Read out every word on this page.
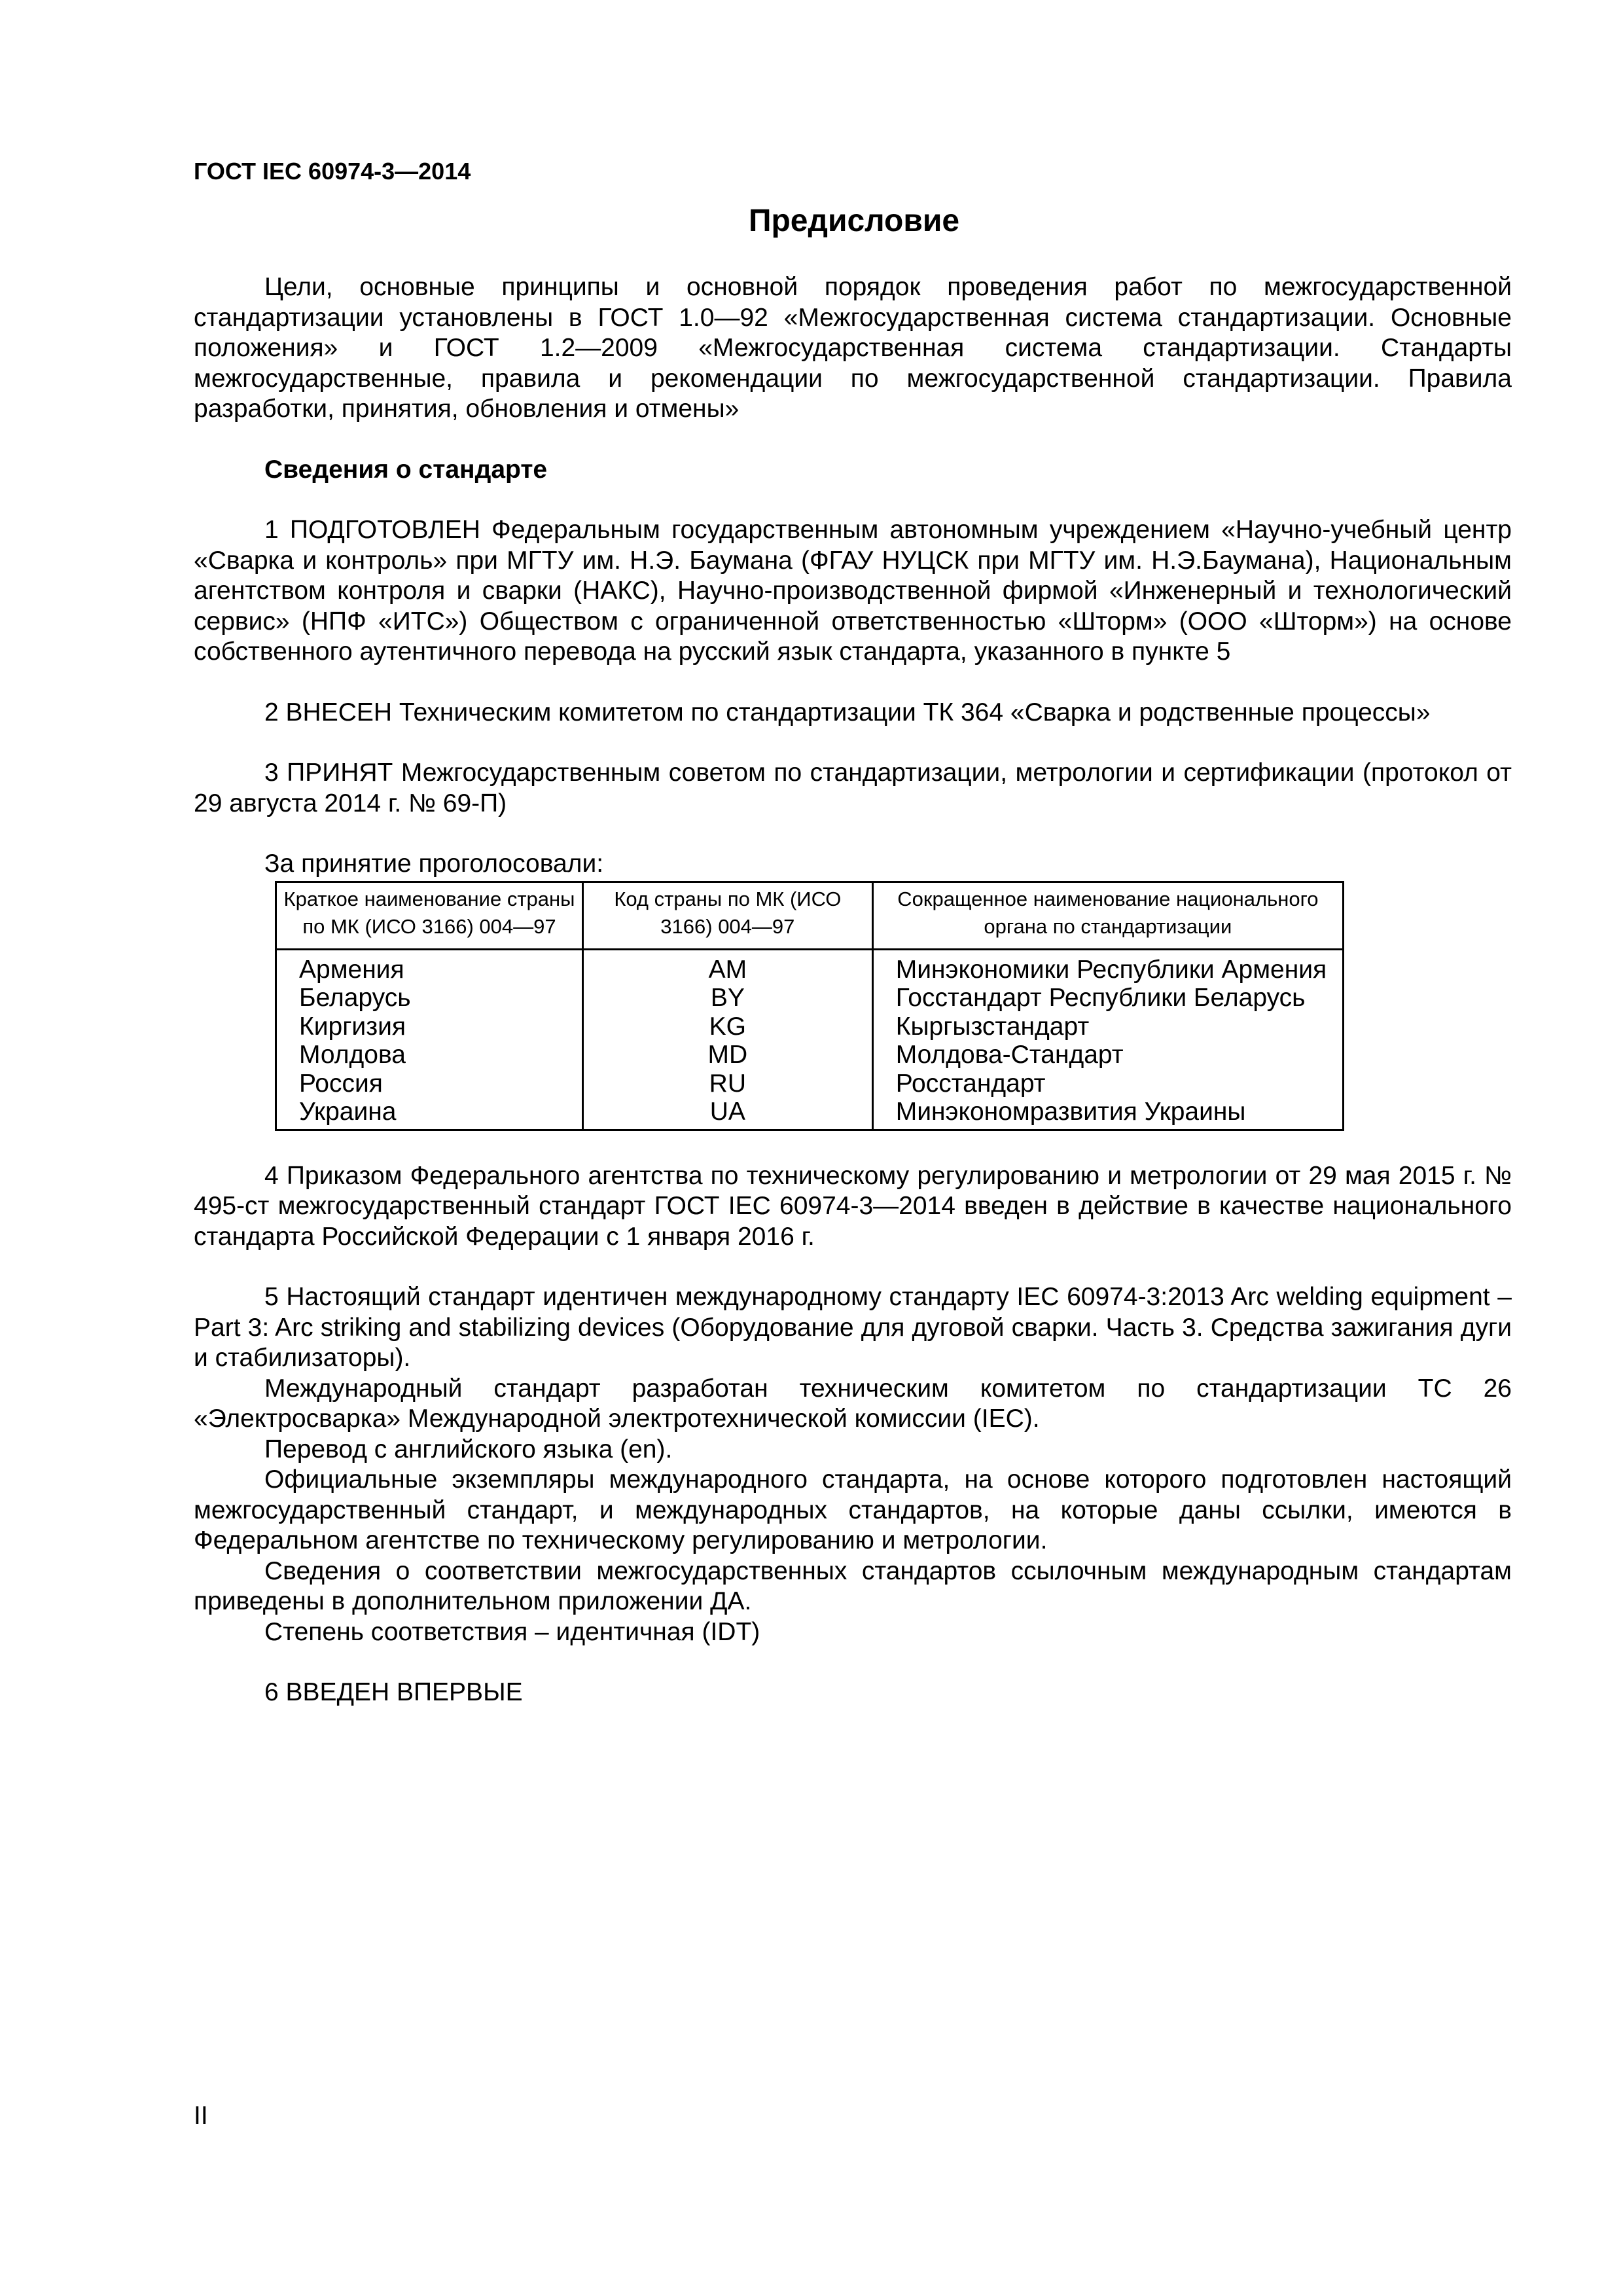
ГОСТ IEC 60974-3—2014
Предисловие

Цели, основные принципы и основной порядок проведения работ по межгосударственной стандартизации установлены в ГОСТ 1.0—92 «Межгосударственная система стандартизации. Основные положения» и ГОСТ 1.2—2009 «Межгосударственная система стандартизации. Стандарты межгосударственные, правила и рекомендации по межгосударственной стандартизации. Правила разработки, принятия, обновления и отмены»

Сведения о стандарте

1 ПОДГОТОВЛЕН Федеральным государственным автономным учреждением «Научно-учебный центр «Сварка и контроль» при МГТУ им. Н.Э. Баумана (ФГАУ НУЦСК при МГТУ им. Н.Э.Баумана), Национальным агентством контроля и сварки (НАКС), Научно-производственной фирмой «Инженерный и технологический сервис» (НПФ «ИТС») Обществом с ограниченной ответственностью «Шторм» (ООО «Шторм») на основе собственного аутентичного перевода на русский язык стандарта, указанного в пункте 5

2 ВНЕСЕН Техническим комитетом по стандартизации ТК 364 «Сварка и родственные процессы»

3 ПРИНЯТ Межгосударственным советом по стандартизации, метрологии и сертификации (протокол от 29 августа 2014 г. № 69-П)

За принятие проголосовали:

Краткое наименование страны по МК (ИСО 3166) 004—97	Код страны по МК (ИСО 3166) 004—97	Сокращенное наименование национального органа по стандартизации
Армения	AM	Минэкономики Республики Армения
Беларусь	BY	Госстандарт Республики Беларусь
Киргизия	KG	Кыргызстандарт
Молдова	MD	Молдова-Стандарт
Россия	RU	Росстандарт
Украина	UA	Минэкономразвития Украины

4 Приказом Федерального агентства по техническому регулированию и метрологии от 29 мая 2015 г. № 495-ст межгосударственный стандарт ГОСТ IEC 60974-3—2014 введен в действие в качестве национального стандарта Российской Федерации с 1 января 2016 г.

5 Настоящий стандарт идентичен международному стандарту IEC 60974-3:2013 Arc welding equipment – Part 3: Arc striking and stabilizing devices (Оборудование для дуговой сварки. Часть 3. Средства зажигания дуги и стабилизаторы).

Международный стандарт разработан техническим комитетом по стандартизации ТС 26 «Электросварка» Международной электротехнической комиссии (IEC).

Перевод с английского языка (en).

Официальные экземпляры международного стандарта, на основе которого подготовлен настоящий межгосударственный стандарт, и международных стандартов, на которые даны ссылки, имеются в Федеральном агентстве по техническому регулированию и метрологии.

Сведения о соответствии межгосударственных стандартов ссылочным международным стандартам приведены в дополнительном приложении ДА.

Степень соответствия – идентичная (IDT)

6 ВВЕДЕН ВПЕРВЫЕ

II
